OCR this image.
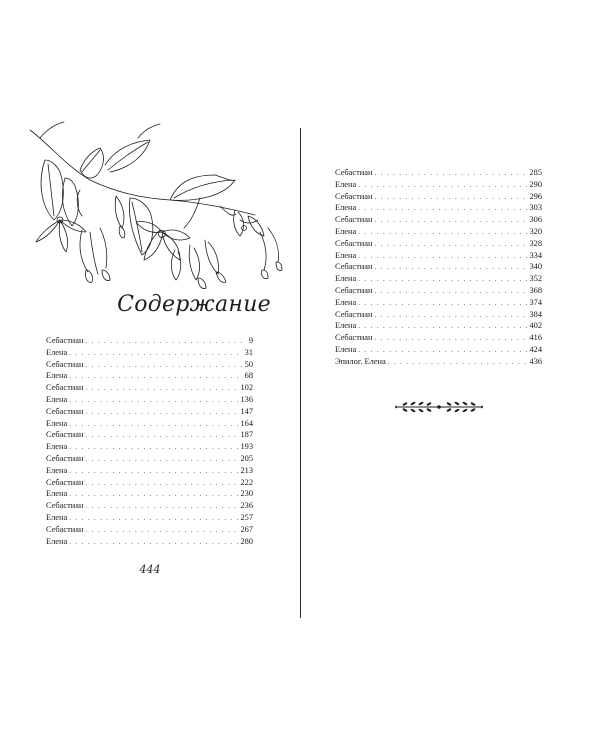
Содержание
Себастиан . . .	9
Елена . . .	31
Себастиан . . .	50
Елена . . .	68
Себастиан . . .	102
Елена . . .	136
Себастиан . . .	147
Елена . . .	164
Себастиан . . .	187
Елена . . .	193
Себастиан . . .	205
Елена . . .	213
Себастиан . . .	222
Елена . . .	230
Себастиан . . .	236
Елена . . .	257
Себастиан . . .	267
Елена . . .	280
444
Себастиан . . .	285
Елена . . .	290
Себастиан . . .	296
Елена . . .	303
Себастиан . . .	306
Елена . . .	320
Себастиан . . .	328
Елена . . .	334
Себастиан . . .	340
Елена . . .	352
Себастиан . . .	368
Елена . . .	374
Себастиан . . .	384
Елена . . .	402
Себастиан . . .	416
Елена . . .	424
Эпилог. Елена . . .	436
